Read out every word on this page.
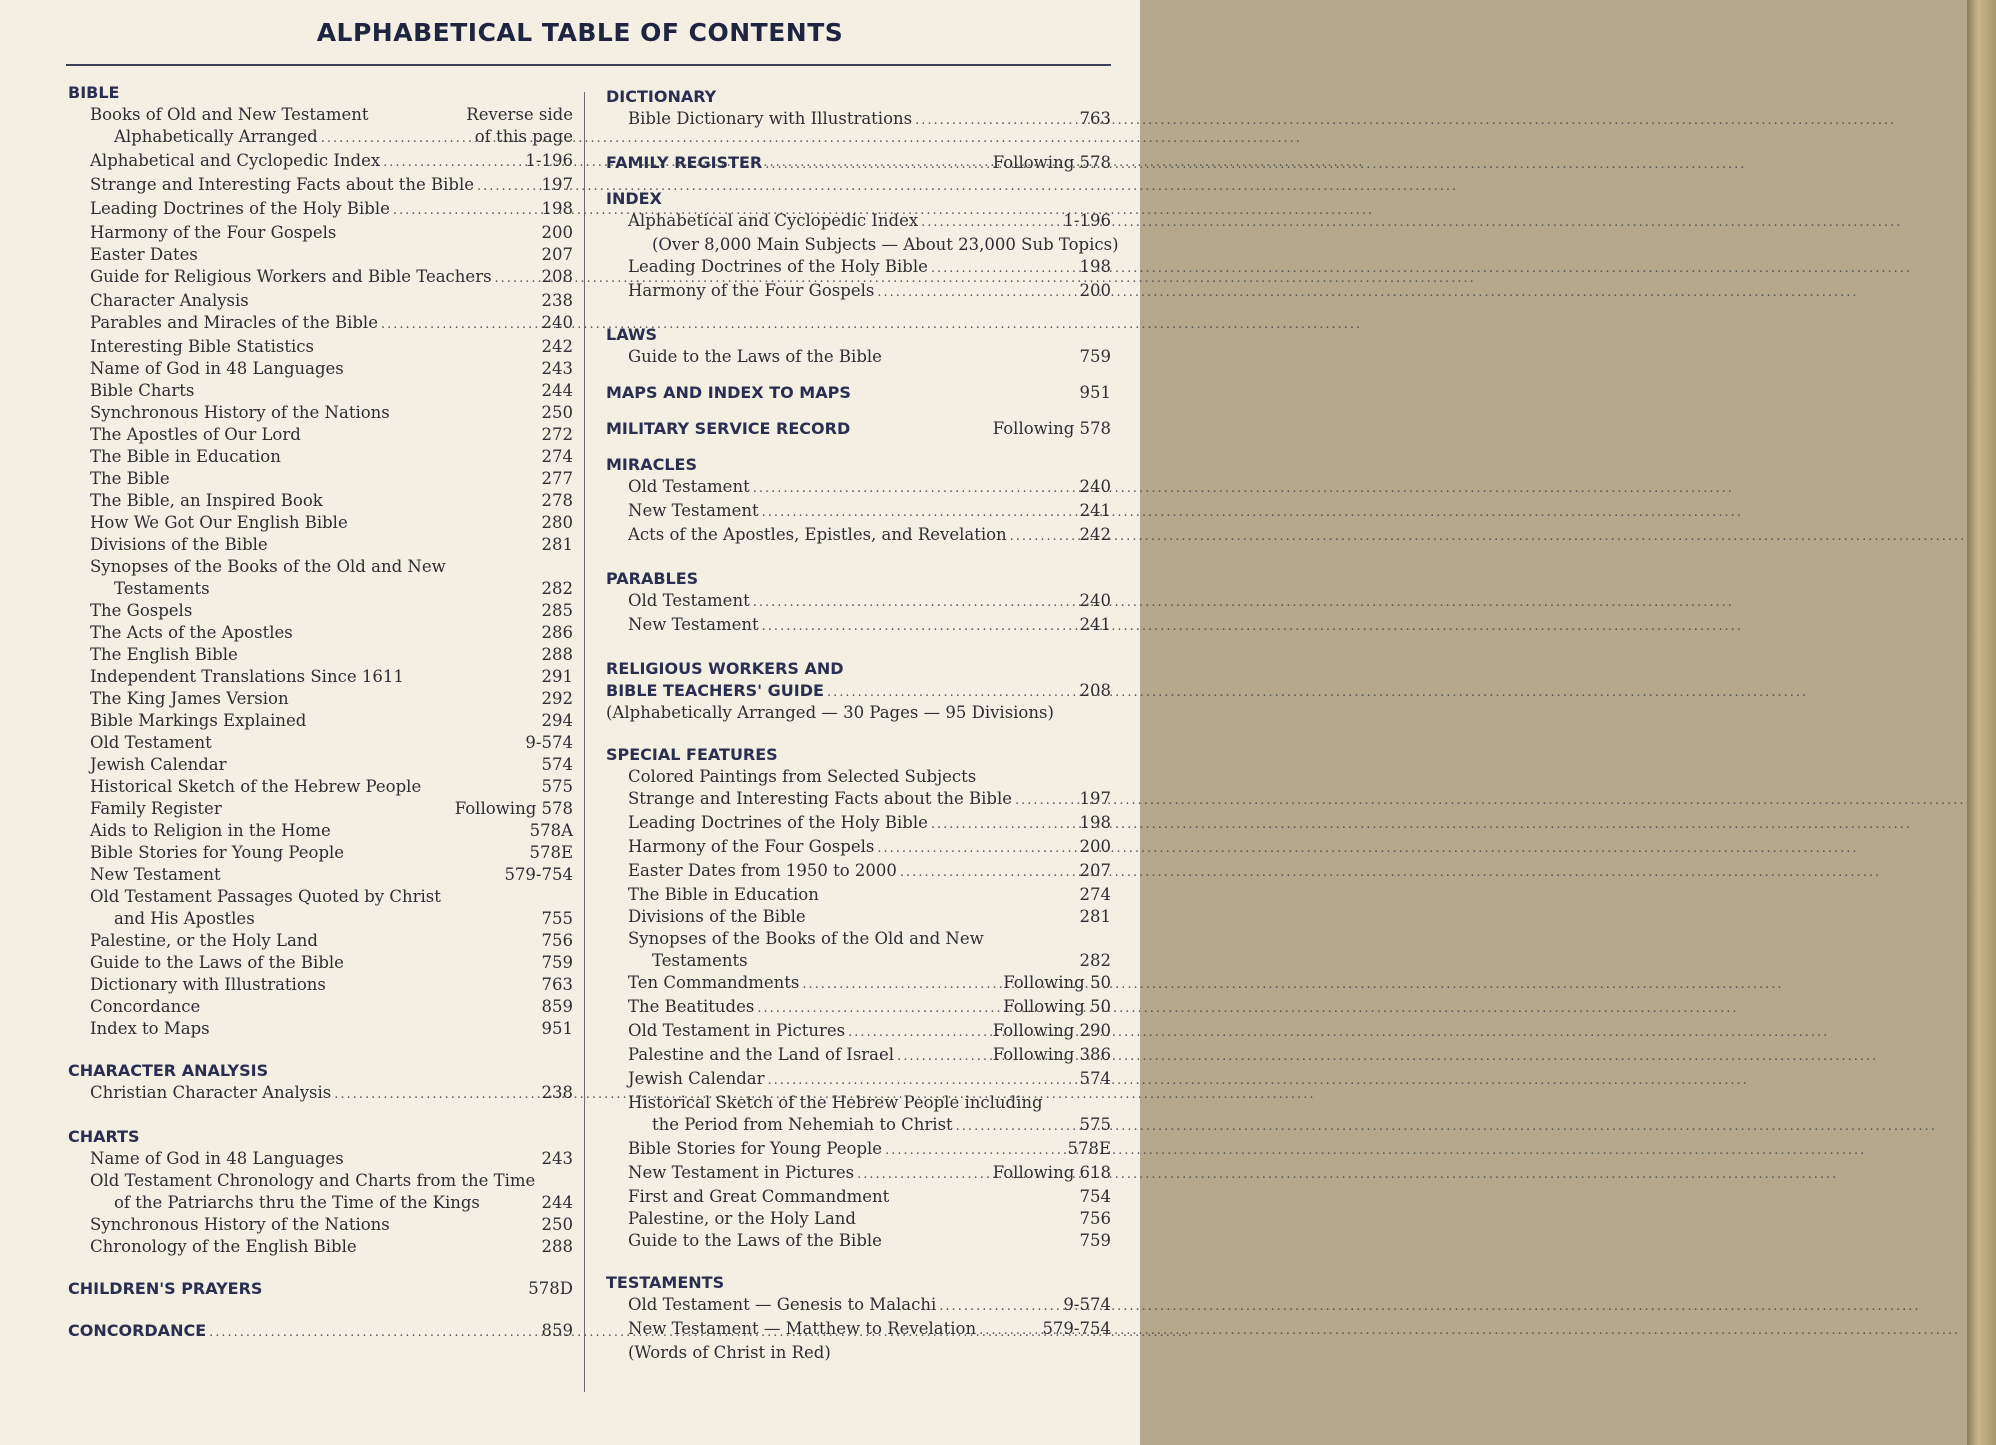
ALPHABETICAL TABLE OF CONTENTS
BIBLE
Books of Old and New Testament	Reverse side
Alphabetically Arranged .....	of this page
Alphabetical and Cyclopedic Index .....	1-196
Strange and Interesting Facts about the Bible .....	197
Leading Doctrines of the Holy Bible .....	198
Harmony of the Four Gospels	200
Easter Dates	207
Guide for Religious Workers and Bible Teachers .....	208
Character Analysis	238
Parables and Miracles of the Bible .....	240
Interesting Bible Statistics	242
Name of God in 48 Languages	243
Bible Charts	244
Synchronous History of the Nations	250
The Apostles of Our Lord	272
The Bible in Education	274
The Bible	277
The Bible, an Inspired Book	278
How We Got Our English Bible	280
Divisions of the Bible	281
Synopses of the Books of the Old and New
Testaments	282
The Gospels	285
The Acts of the Apostles	286
The English Bible	288
Independent Translations Since 1611	291
The King James Version	292
Bible Markings Explained	294
Old Testament	9-574
Jewish Calendar	574
Historical Sketch of the Hebrew People	575
Family Register	Following 578
Aids to Religion in the Home	578A
Bible Stories for Young People	578E
New Testament	579-754
Old Testament Passages Quoted by Christ
and His Apostles	755
Palestine, or the Holy Land	756
Guide to the Laws of the Bible	759
Dictionary with Illustrations	763
Concordance	859
Index to Maps	951
CHARACTER ANALYSIS
Christian Character Analysis .....	238
CHARTS
Name of God in 48 Languages	243
Old Testament Chronology and Charts from the Time
of the Patriarchs thru the Time of the Kings	244
Synchronous History of the Nations	250
Chronology of the English Bible	288
CHILDREN'S PRAYERS	578D
CONCORDANCE .....	859
DICTIONARY
Bible Dictionary with Illustrations .....	763
FAMILY REGISTER .....	Following 578
INDEX
Alphabetical and Cyclopedic Index .....	1-196
(Over 8,000 Main Subjects — About 23,000 Sub Topics)
Leading Doctrines of the Holy Bible .....	198
Harmony of the Four Gospels .....	200
LAWS
Guide to the Laws of the Bible	759
MAPS AND INDEX TO MAPS	951
MILITARY SERVICE RECORD	Following 578
MIRACLES
Old Testament .....	240
New Testament .....	241
Acts of the Apostles, Epistles, and Revelation .....	242
PARABLES
Old Testament .....	240
New Testament .....	241
RELIGIOUS WORKERS AND
BIBLE TEACHERS' GUIDE .....	208
(Alphabetically Arranged — 30 Pages — 95 Divisions)
SPECIAL FEATURES
Colored Paintings from Selected Subjects
Strange and Interesting Facts about the Bible .....	197
Leading Doctrines of the Holy Bible .....	198
Harmony of the Four Gospels .....	200
Easter Dates from 1950 to 2000 .....	207
The Bible in Education	274
Divisions of the Bible	281
Synopses of the Books of the Old and New
Testaments	282
Ten Commandments .....	Following 50
The Beatitudes .....	Following 50
Old Testament in Pictures .....	Following 290
Palestine and the Land of Israel .....	Following 386
Jewish Calendar .....	574
Historical Sketch of the Hebrew People including
the Period from Nehemiah to Christ .....	575
Bible Stories for Young People .....	578E
New Testament in Pictures .....	Following 618
First and Great Commandment	754
Palestine, or the Holy Land	756
Guide to the Laws of the Bible	759
TESTAMENTS
Old Testament — Genesis to Malachi .....	9-574
New Testament — Matthew to Revelation .....	579-754
(Words of Christ in Red)
